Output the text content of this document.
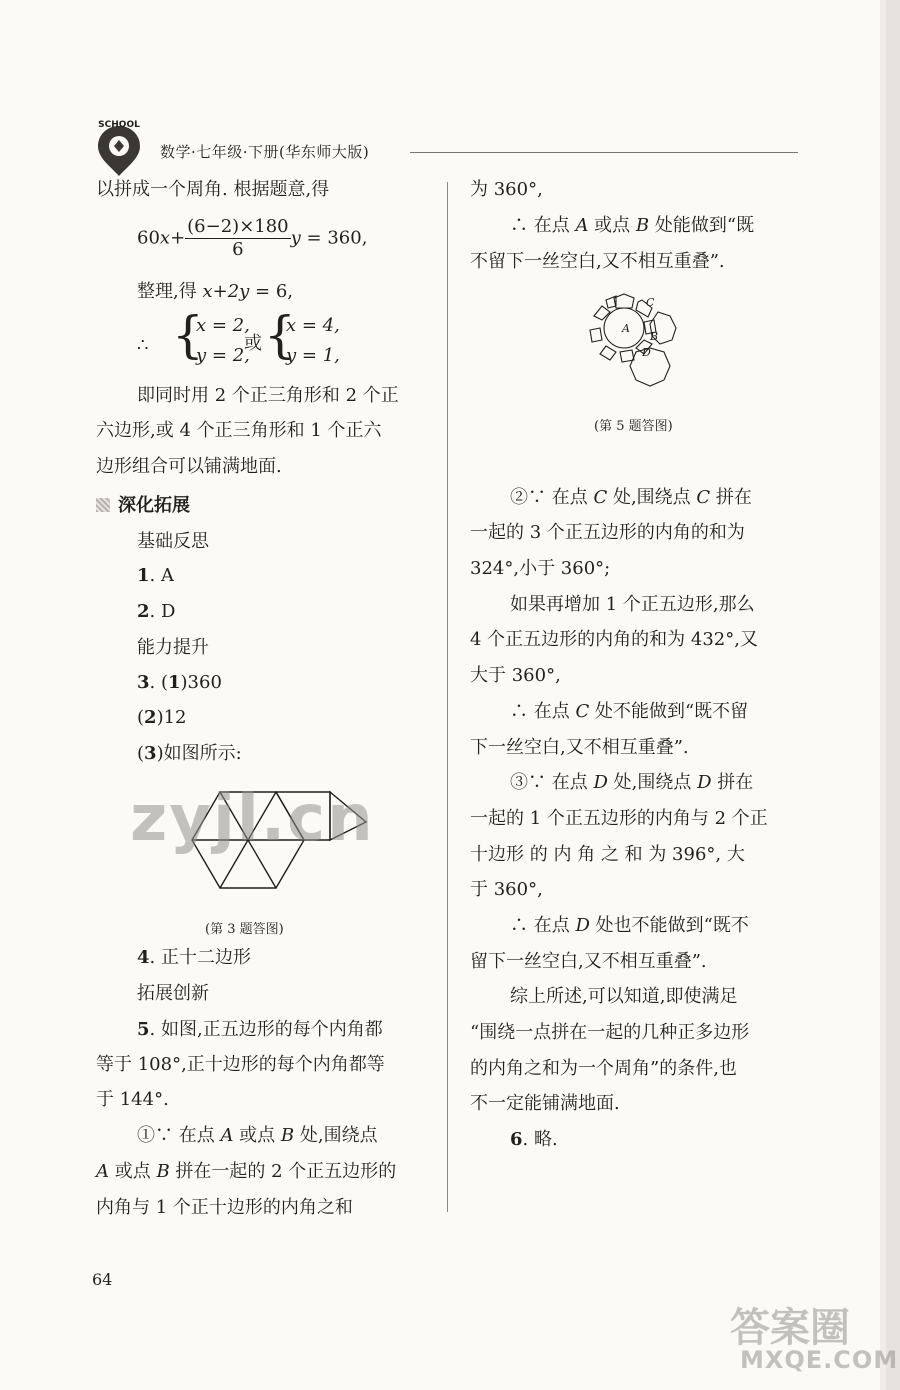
SCHOOL
数学·七年级·下册(华东师大版)
以拼成一个周角. 根据题意,得
$60x+ \frac{(6-2)\times 180}{6}$ y = 360,
整理,得 x+2y = 6,
∴ {
x = 2,
y = 2,
或 {
x = 4,
y = 1,
即同时用 2 个正三角形和 2 个正
六边形,或 4 个正三角形和 1 个正六
边形组合可以铺满地面.
深化拓展
基础反思
1. A
2. D
能力提升
3. (1)360
(2)12
(3)如图所示:
zyjl.cn
(第 3 题答图)
4. 正十二边形
拓展创新
5. 如图,正五边形的每个内角都
等于 108°,正十边形的每个内角都等
于 144°.
①∵ 在点 A 或点 B 处,围绕点
A 或点 B 拼在一起的 2 个正五边形的
内角与 1 个正十边形的内角之和
64
为 360°,
∴ 在点 A 或点 B 处能做到“既
不留下一丝空白,又不相互重叠”.
C
A
B
D
(第 5 题答图)
②∵ 在点 C 处,围绕点 C 拼在
一起的 3 个正五边形的内角的和为
324°,小于 360°;
如果再增加 1 个正五边形,那么
4 个正五边形的内角的和为 432°,又
大于 360°,
∴ 在点 C 处不能做到“既不留
下一丝空白,又不相互重叠”.
③∵ 在点 D 处,围绕点 D 拼在
一起的 1 个正五边形的内角与 2 个正
十边形 的 内 角 之 和 为 396°, 大
于 360°,
∴ 在点 D 处也不能做到“既不
留下一丝空白,又不相互重叠”.
综上所述,可以知道,即使满足
“围绕一点拼在一起的几种正多边形
的内角之和为一个周角”的条件,也
不一定能铺满地面.
6. 略.
答案圈
MXQE.COM
